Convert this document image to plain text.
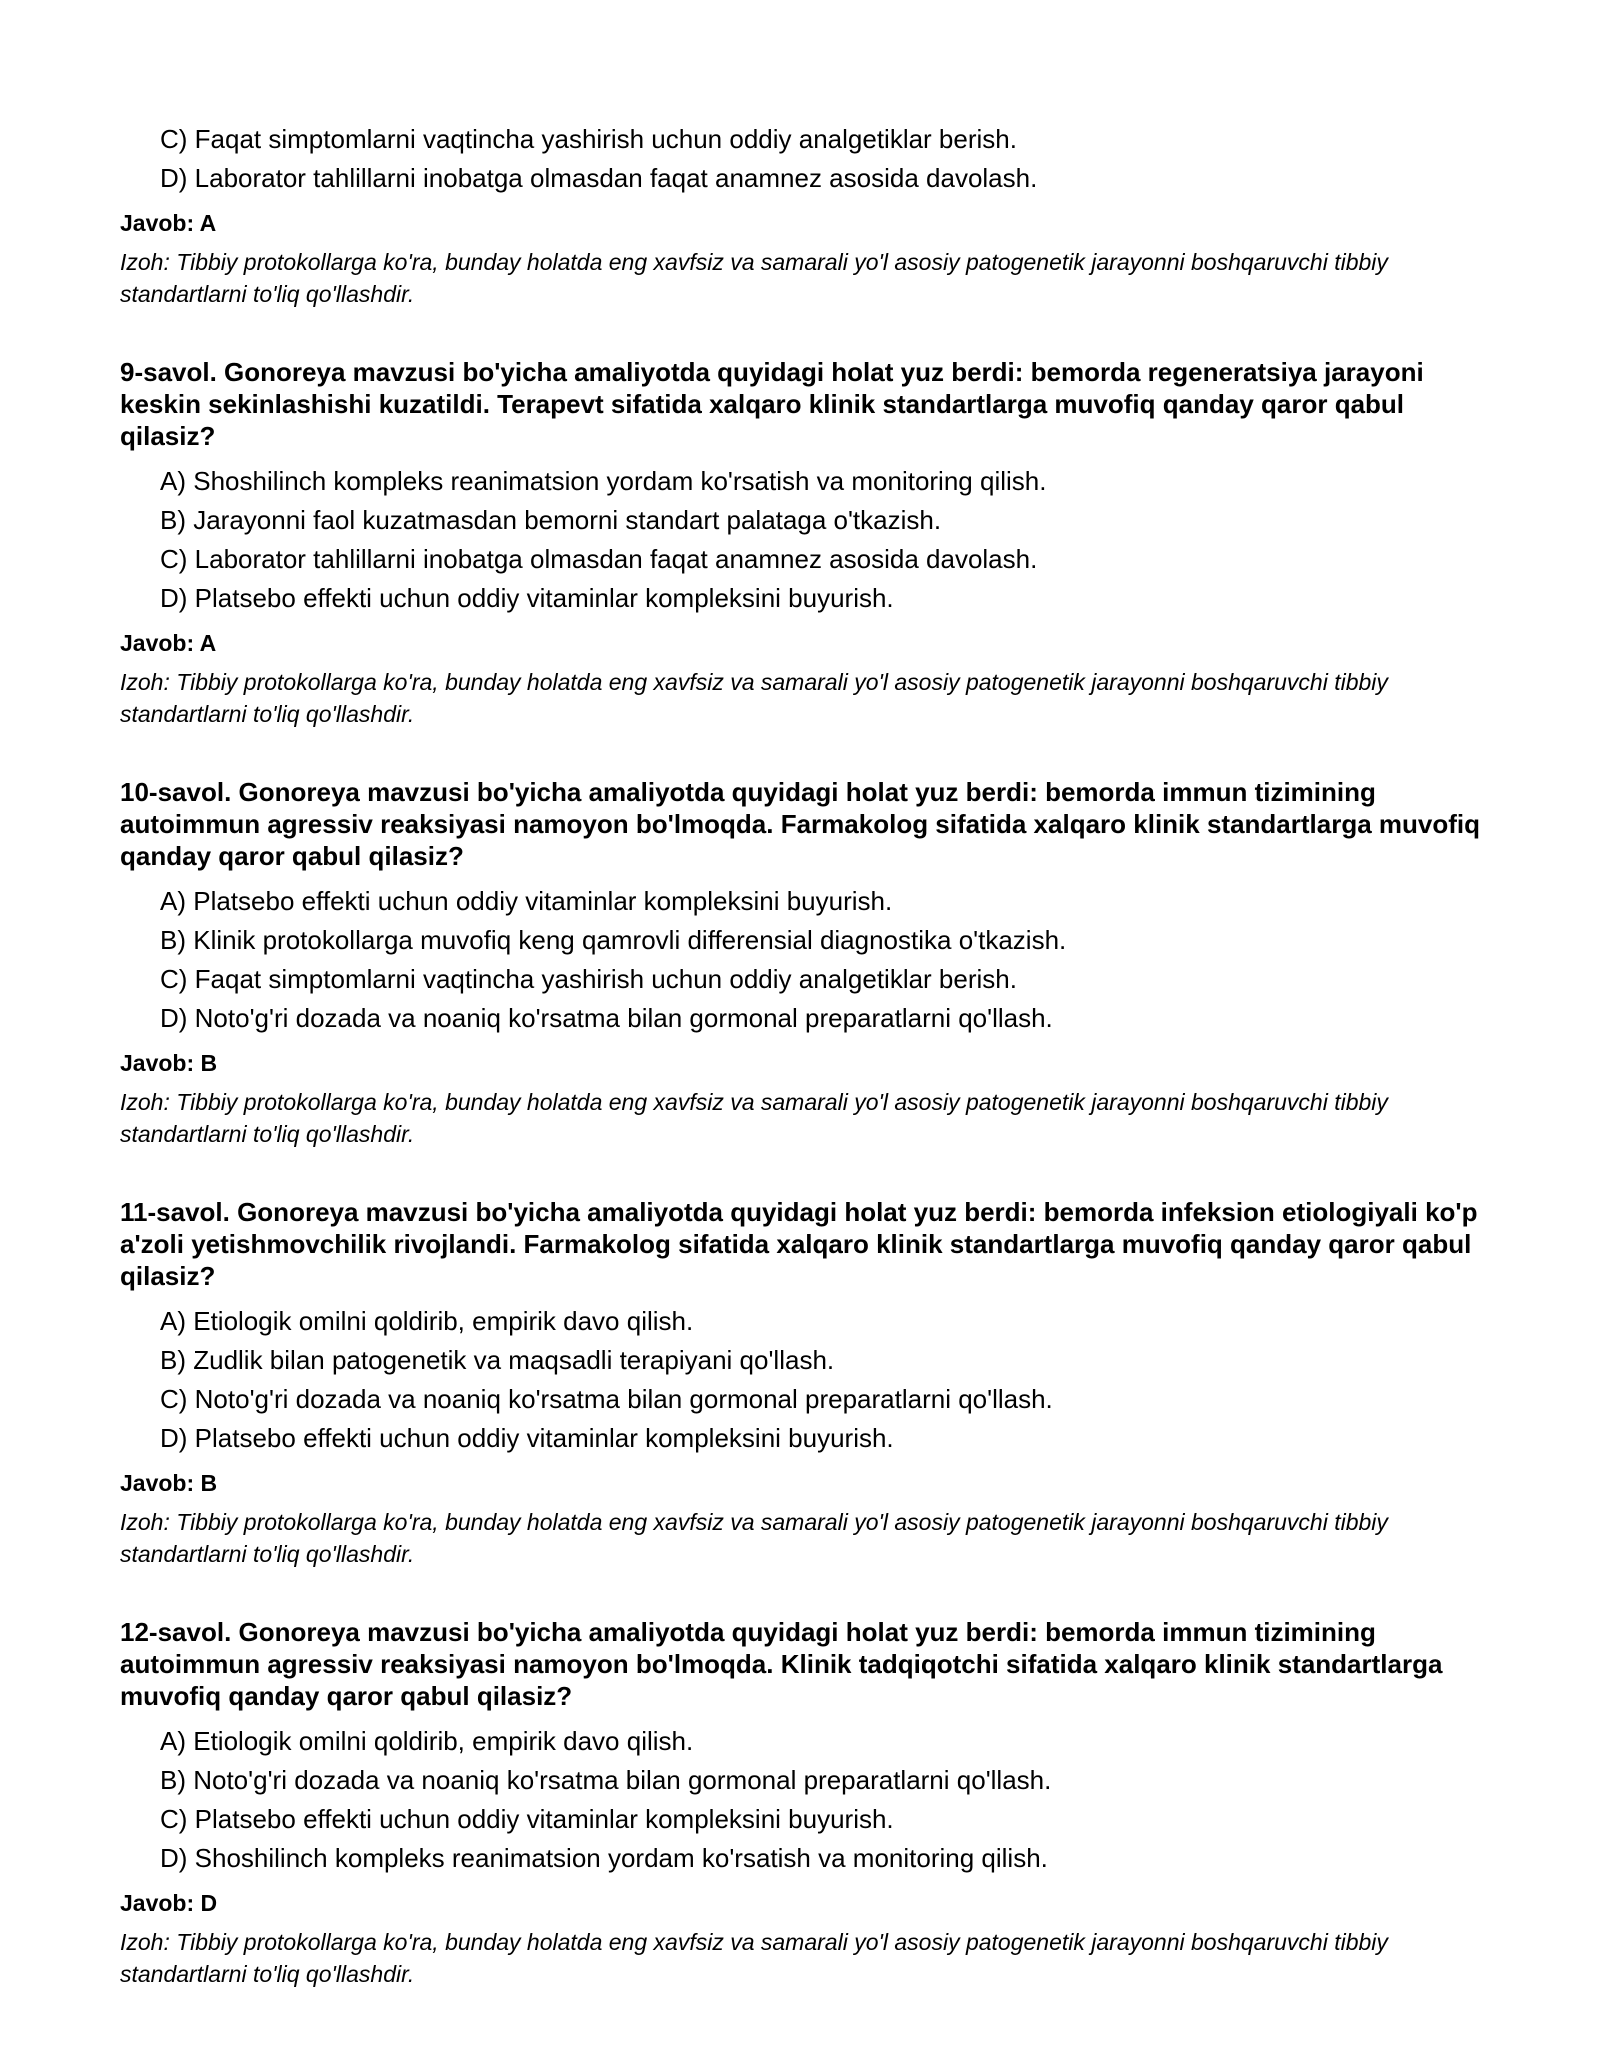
C) Faqat simptomlarni vaqtincha yashirish uchun oddiy analgetiklar berish.
D) Laborator tahlillarni inobatga olmasdan faqat anamnez asosida davolash.
Javob: A
Izoh: Tibbiy protokollarga ko'ra, bunday holatda eng xavfsiz va samarali yo'l asosiy patogenetik jarayonni boshqaruvchi tibbiy standartlarni to'liq qo'llashdir.
9-savol. Gonoreya mavzusi bo'yicha amaliyotda quyidagi holat yuz berdi: bemorda regeneratsiya jarayoni keskin sekinlashishi kuzatildi. Terapevt sifatida xalqaro klinik standartlarga muvofiq qanday qaror qabul qilasiz?
A) Shoshilinch kompleks reanimatsion yordam ko'rsatish va monitoring qilish.
B) Jarayonni faol kuzatmasdan bemorni standart palataga o'tkazish.
C) Laborator tahlillarni inobatga olmasdan faqat anamnez asosida davolash.
D) Platsebo effekti uchun oddiy vitaminlar kompleksini buyurish.
Javob: A
Izoh: Tibbiy protokollarga ko'ra, bunday holatda eng xavfsiz va samarali yo'l asosiy patogenetik jarayonni boshqaruvchi tibbiy standartlarni to'liq qo'llashdir.
10-savol. Gonoreya mavzusi bo'yicha amaliyotda quyidagi holat yuz berdi: bemorda immun tizimining autoimmun agressiv reaksiyasi namoyon bo'lmoqda. Farmakolog sifatida xalqaro klinik standartlarga muvofiq qanday qaror qabul qilasiz?
A) Platsebo effekti uchun oddiy vitaminlar kompleksini buyurish.
B) Klinik protokollarga muvofiq keng qamrovli differensial diagnostika o'tkazish.
C) Faqat simptomlarni vaqtincha yashirish uchun oddiy analgetiklar berish.
D) Noto'g'ri dozada va noaniq ko'rsatma bilan gormonal preparatlarni qo'llash.
Javob: B
Izoh: Tibbiy protokollarga ko'ra, bunday holatda eng xavfsiz va samarali yo'l asosiy patogenetik jarayonni boshqaruvchi tibbiy standartlarni to'liq qo'llashdir.
11-savol. Gonoreya mavzusi bo'yicha amaliyotda quyidagi holat yuz berdi: bemorda infeksion etiologiyali ko'p a'zoli yetishmovchilik rivojlandi. Farmakolog sifatida xalqaro klinik standartlarga muvofiq qanday qaror qabul qilasiz?
A) Etiologik omilni qoldirib, empirik davo qilish.
B) Zudlik bilan patogenetik va maqsadli terapiyani qo'llash.
C) Noto'g'ri dozada va noaniq ko'rsatma bilan gormonal preparatlarni qo'llash.
D) Platsebo effekti uchun oddiy vitaminlar kompleksini buyurish.
Javob: B
Izoh: Tibbiy protokollarga ko'ra, bunday holatda eng xavfsiz va samarali yo'l asosiy patogenetik jarayonni boshqaruvchi tibbiy standartlarni to'liq qo'llashdir.
12-savol. Gonoreya mavzusi bo'yicha amaliyotda quyidagi holat yuz berdi: bemorda immun tizimining autoimmun agressiv reaksiyasi namoyon bo'lmoqda. Klinik tadqiqotchi sifatida xalqaro klinik standartlarga muvofiq qanday qaror qabul qilasiz?
A) Etiologik omilni qoldirib, empirik davo qilish.
B) Noto'g'ri dozada va noaniq ko'rsatma bilan gormonal preparatlarni qo'llash.
C) Platsebo effekti uchun oddiy vitaminlar kompleksini buyurish.
D) Shoshilinch kompleks reanimatsion yordam ko'rsatish va monitoring qilish.
Javob: D
Izoh: Tibbiy protokollarga ko'ra, bunday holatda eng xavfsiz va samarali yo'l asosiy patogenetik jarayonni boshqaruvchi tibbiy standartlarni to'liq qo'llashdir.
